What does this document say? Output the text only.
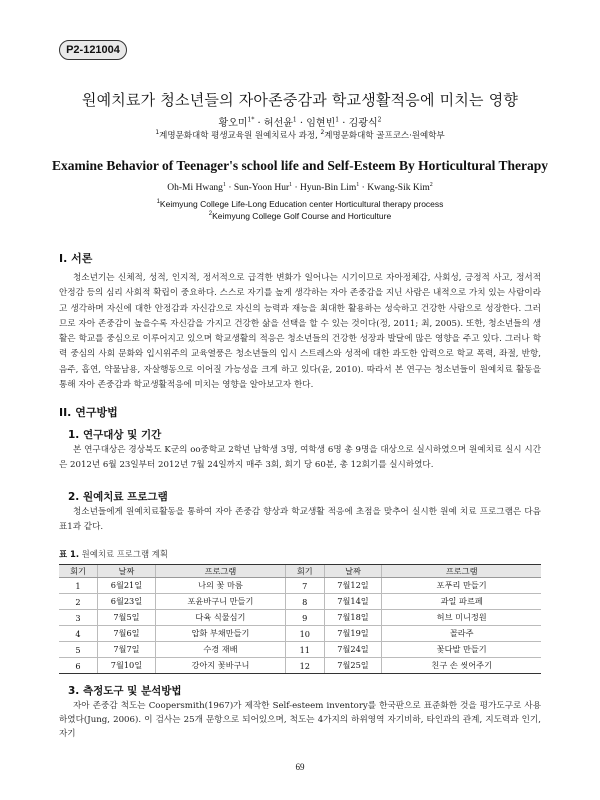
P2-121004
원예치료가 청소년들의 자아존중감과 학교생활적응에 미치는 영향
황오미$^{1*}$ · 허선윤$^1$ · 임현빈$^1$ · 김광식$^2$
$^1$계명문화대학 평생교육원 원예치료사 과정, $^2$계명문화대학 골프코스·원예학부
Examine Behavior of Teenager's school life and Self-Esteem By Horticultural Therapy
Oh-Mi Hwang$^1$ · Sun-Yoon Hur$^1$ · Hyun-Bin Lim$^1$ · Kwang-Sik Kim$^2$
$^1$Keimyung College Life-Long Education center Horticultural therapy process
$^2$Keimyung College Golf Course and Horticulture
I. 서론
청소년기는 신체적, 성적, 인지적, 정서적으로 급격한 변화가 일어나는 시기이므로 자아정체감, 사회성, 긍정적 사고, 정서적 안정감 등의 심리 사회적 확립이 중요하다. 스스로 자기를 높게 생각하는 자아 존중감을 지닌 사람은 내적으로 가치 있는 사람이라고 생각하며 자신에 대한 안정감과 자신감으로 자신의 능력과 재능을 최대한 활용하는 성숙하고 건강한 사람으로 성장한다. 그러므로 자아 존중감이 높을수록 자신감을 가지고 건강한 삶을 선택을 할 수 있는 것이다(정, 2011; 최, 2005). 또한, 청소년들의 생활은 학교를 중심으로 이루어지고 있으며 학교생활의 적응은 청소년들의 건강한 성장과 발달에 많은 영향을 주고 있다. 그러나 학력 중심의 사회 문화와 입시위주의 교육열풍은 청소년들의 입시 스트레스와 성적에 대한 과도한 압력으로 학교 폭력, 좌절, 반항, 음주, 흡연, 약물남용, 자살행동으로 이어질 가능성을 크게 하고 있다(윤, 2010). 따라서 본 연구는 청소년들이 원예치료 활동을 통해 자아 존중감과 학교생활적응에 미치는 영향을 알아보고자 한다.
II. 연구방법
1. 연구대상 및 기간
본 연구대상은 경상북도 K군의 oo중학교 2학년 남학생 3명, 여학생 6명 총 9명을 대상으로 실시하였으며 원예치료 실시 시간은 2012년 6월 23일부터 2012년 7월 24일까지 매주 3회, 회기 당 60분, 총 12회기를 실시하였다.
2. 원예치료 프로그램
청소년들에게 원예치료활동을 통하여 자아 존중감 향상과 학교생활 적응에 초점을 맞추어 실시한 원예 치료 프로그램은 다음 표1과 같다.
표 1. 원예치료 프로그램 계획
회기	날짜	프로그램	회기	날짜	프로그램
1	6월21일	나의 꽃 마름	7	7월12일	포푸리 만들기
2	6월23일	포윤바구니 만들기	8	7월14일	과일 파르페
3	7월5일	다육 식물심기	9	7월18일	허브 미니정원
4	7월6일	압화 부채만들기	10	7월19일	꼴라주
5	7월7일	수경 재배	11	7월24일	꽃다발 만들기
6	7월10일	강아지 꽃바구니	12	7월25일	친구 손 씻어주기
3. 측정도구 및 분석방법
자아 존중감 척도는 Coopersmith(1967)가 제작한 Self-esteem inventory를 한국판으로 표준화한 것을 평가도구로 사용하였다(Jung, 2006). 이 검사는 25개 문항으로 되어있으며, 척도는 4가지의 하위영역 자기비하, 타인과의 관계, 지도력과 인기, 자기
69
